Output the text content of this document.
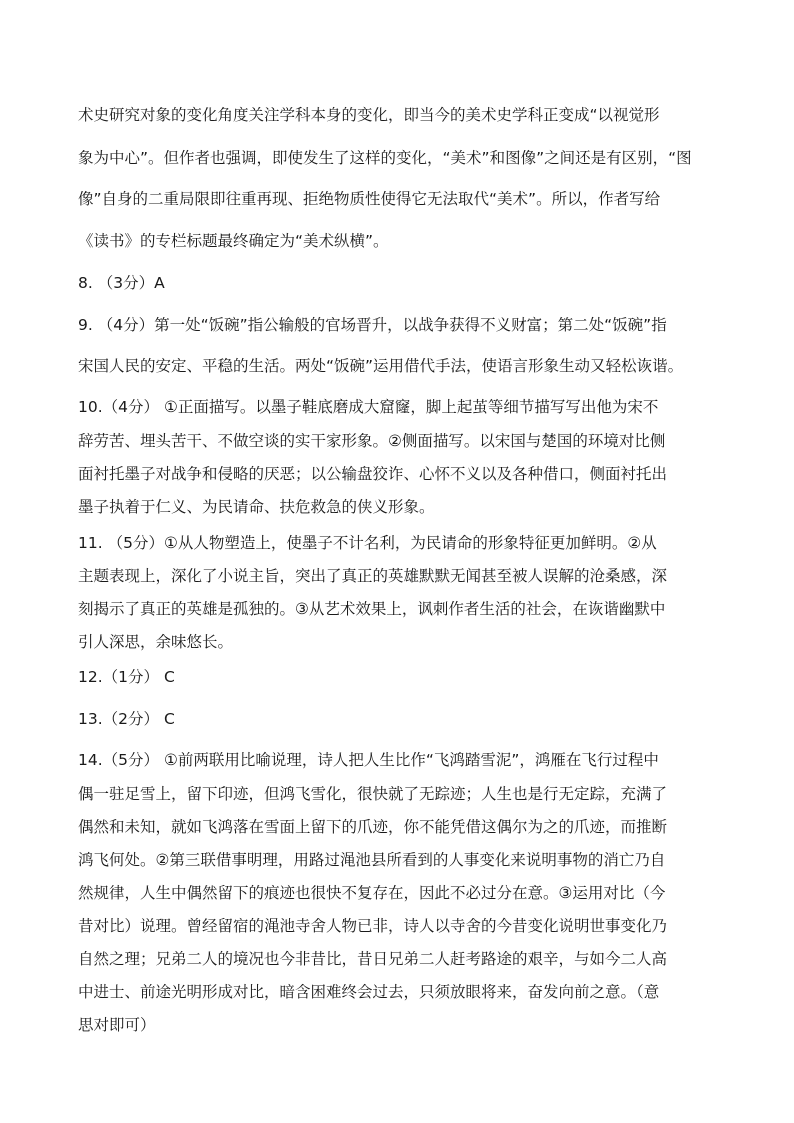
术史研究对象的变化角度关注学科本身的变化，即当今的美术史学科正变成“以视觉形
象为中心”。但作者也强调，即使发生了这样的变化，“美术”和图像”之间还是有区别，“图
像”自身的二重局限即往重再现、拒绝物质性使得它无法取代“美术”。所以，作者写给
《读书》的专栏标题最终确定为“美术纵横”。
8. （3分）A
9. （4分）第一处“饭碗”指公输般的官场晋升，以战争获得不义财富；第二处“饭碗”指
宋国人民的安定、平稳的生活。两处“饭碗”运用借代手法，使语言形象生动又轻松诙谐。
10.（4分） ①正面描写。以墨子鞋底磨成大窟窿，脚上起茧等细节描写写出他为宋不
辞劳苦、埋头苦干、不做空谈的实干家形象。②侧面描写。以宋国与楚国的环境对比侧
面衬托墨子对战争和侵略的厌恶；以公输盘狡诈、心怀不义以及各种借口，侧面衬托出
墨子执着于仁义、为民请命、扶危救急的侠义形象。
11. （5分）①从人物塑造上，使墨子不计名利，为民请命的形象特征更加鲜明。②从
主题表现上，深化了小说主旨，突出了真正的英雄默默无闻甚至被人误解的沧桑感，深
刻揭示了真正的英雄是孤独的。③从艺术效果上，讽刺作者生活的社会，在诙谐幽默中
引人深思，余味悠长。
12.（1分） C
13.（2分） C
14.（5分） ①前两联用比喻说理，诗人把人生比作“飞鸿踏雪泥”，鸿雁在飞行过程中
偶一驻足雪上，留下印迹，但鸿飞雪化，很快就了无踪迹；人生也是行无定踪，充满了
偶然和未知，就如飞鸿落在雪面上留下的爪迹，你不能凭借这偶尔为之的爪迹，而推断
鸿飞何处。②第三联借事明理，用路过渑池县所看到的人事变化来说明事物的消亡乃自
然规律，人生中偶然留下的痕迹也很快不复存在，因此不必过分在意。③运用对比（今
昔对比）说理。曾经留宿的渑池寺舍人物已非，诗人以寺舍的今昔变化说明世事变化乃
自然之理；兄弟二人的境况也今非昔比，昔日兄弟二人赶考路途的艰辛，与如今二人高
中进士、前途光明形成对比，暗含困难终会过去，只须放眼将来，奋发向前之意。（意
思对即可）
